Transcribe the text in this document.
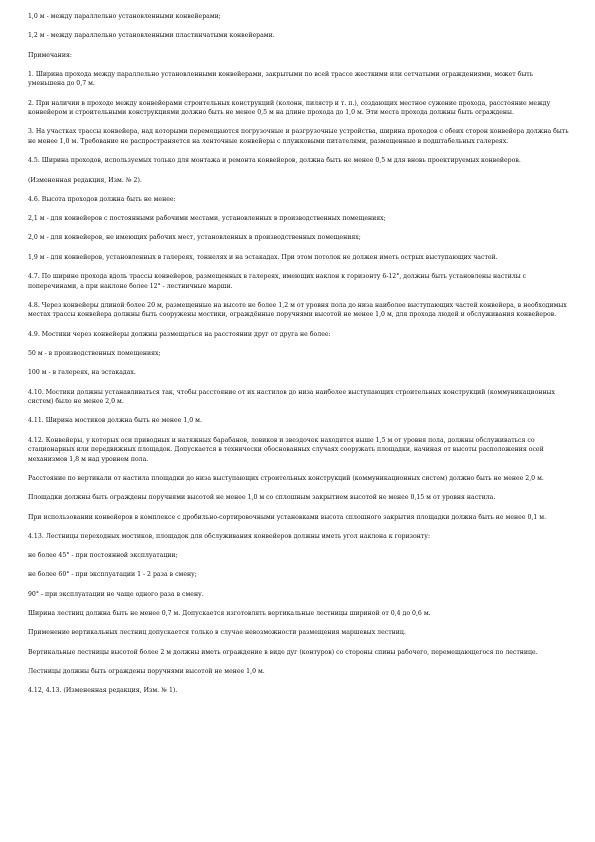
1,0 м - между параллельно установленными конвейерами;

1,2 м - между параллельно установленными пластинчатыми конвейерами.

Примечания:

1. Ширина прохода между параллельно установленными конвейерами, закрытыми по всей трассе жесткими или сетчатыми ограждениями, может быть уменьшена до 0,7 м.

2. При наличии в проходе между конвейерами строительных конструкций (колонн, пилястр и т. п.), создающих местное сужение прохода, расстояние между конвейером и строительными конструкциями должно быть не менее 0,5 м на длине прохода до 1,0 м. Эти места прохода должны быть ограждены.

3. На участках трассы конвейера, над которыми перемещаются погрузочные и разгрузочные устройства, ширина проходов с обеих сторон конвейера должна быть не менее 1,0 м. Требование не распространяется на ленточные конвейеры с плужковыми питателями, размещенные в подштабельных галереях.

4.5. Ширина проходов, используемых только для монтажа и ремонта конвейеров, должна быть не менее 0,5 м для вновь проектируемых конвейеров.

(Измененная редакция, Изм. № 2).

4.6. Высота проходов должна быть не менее:

2,1 м - для конвейеров с постоянными рабочими местами, установленных в производственных помещениях;

2,0 м - для конвейеров, не имеющих рабочих мест, установленных в производственных помещениях;

1,9 м - для конвейеров, установленных в галереях, тоннелях и на эстакадах. При этом потолок не должен иметь острых выступающих частей.

4.7. По ширине прохода вдоль трассы конвейеров, размещенных в галереях, имеющих наклон к горизонту 6-12°, должны быть установлены настилы с поперечинами, а при наклоне более 12° - лестничные марши.

4.8. Через конвейеры длиной более 20 м, размещенные на высоте не более 1,2 м от уровня пола до низа наиболее выступающих частей конвейера, в необходимых местах трассы конвейера должны быть сооружены мостики, ограждённые поручнями высотой не менее 1,0 м, для прохода людей и обслуживания конвейеров.

4.9. Мостики через конвейеры должны размещаться на расстоянии друг от друга не более:

50 м - в производственных помещениях;

100 м - в галереях, на эстакадах.

4.10. Мостики должны устанавливаться так, чтобы расстояние от их настилов до низа наиболее выступающих строительных конструкций (коммуникационных систем) было не менее 2,0 м.

4.11. Ширина мостиков должна быть не менее 1,0 м.

4.12. Конвейеры, у которых оси приводных и натяжных барабанов, ловиков и звездочек находятся выше 1,5 м от уровня пола, должны обслуживаться со стационарных или передвижных площадок. Допускается в технически обоснованных случаях сооружать площадки, начиная от высоты расположения осей механизмов 1,8 м над уровнем пола.

Расстояние по вертикали от настила площадки до низа выступающих строительных конструкций (коммуникационных систем) должно быть не менее 2,0 м.

Площадки должны быть ограждены поручнями высотой не менее 1,0 м со сплошным закрытием высотой не менее 0,15 м от уровня настила.

При использовании конвейеров в комплексе с дробильно-сортировочными установками высота сплошного закрытия площадки должна быть не менее 0,1 м.

4.13. Лестницы переходных мостиков, площадок для обслуживания конвейеров должны иметь угол наклона к горизонту:

не более 45° - при постоянной эксплуатации;

не более 60° - при эксплуатации 1 - 2 раза в смену;

90° - при эксплуатации не чаще одного раза в смену.

Ширина лестниц должна быть не менее 0,7 м. Допускается изготовлять вертикальные лестницы шириной от 0,4 до 0,6 м.

Применение вертикальных лестниц допускается только в случае невозможности размещения маршевых лестниц.

Вертикальные лестницы высотой более 2 м должны иметь ограждение в виде дуг (контуров) со стороны спины рабочего, перемещающегося по лестнице.

Лестницы должны быть ограждены поручнями высотой не менее 1,0 м.

4.12, 4.13. (Измененная редакция, Изм. № 1).
